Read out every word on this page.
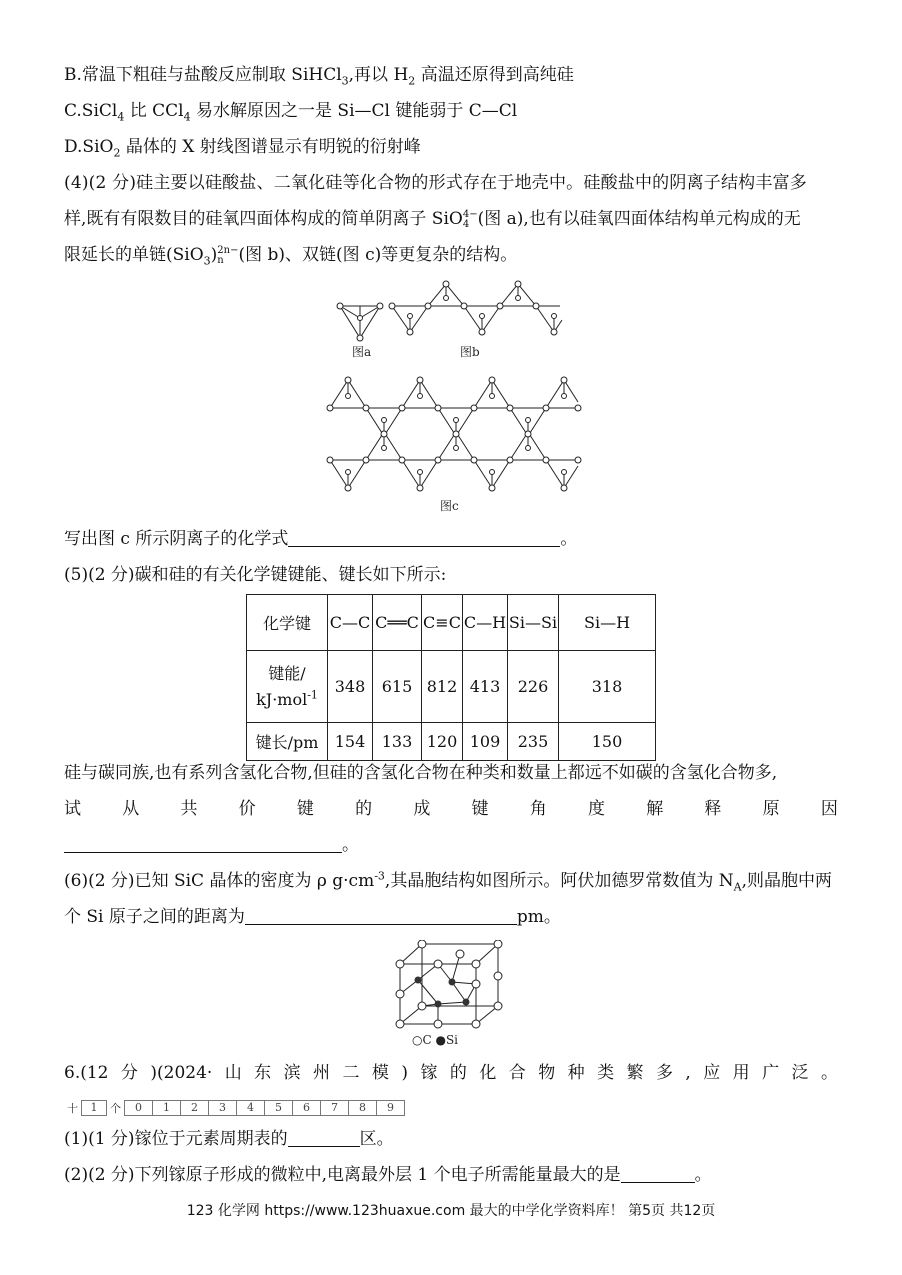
B.常温下粗硅与盐酸反应制取 SiHCl$_3$,再以 $H_2$ 高温还原得到高纯硅
C.SiCl$_4$ 比 CCl$_4$ 易水解原因之一是 Si—Cl 键能弱于 C—Cl
D.SiO$_2$ 晶体的 X 射线图谱显示有明锐的衍射峰
(4)(2 分)硅主要以硅酸盐、二氧化硅等化合物的形式存在于地壳中。硅酸盐中的阴离子结构丰富多
样,既有有限数目的硅氧四面体构成的简单阴离子 SiO4−
4 (图 a),也有以硅氧四面体结构单元构成的无
限延长的单链(SiO$_3$)2n−
n (图 b)、双链(图 c)等更复杂的结构。
图a	图b
图c
写出图 c 所示阴离子的化学式	。
(5)(2 分)碳和硅的有关化学键键能、键长如下所示:
化学键	C—C	C══C	C≡C	C—H	Si—Si	Si—H
键能/
kJ·mol$^{-1}$	348	615	812	413	226	318
键长/pm	154	133	120	109	235	150
硅与碳同族,也有系列含氢化合物,但硅的含氢化合物在种类和数量上都远不如碳的含氢化合物多,
试 从 共 价 键 的 成 键 角 度 解 释 原 因
。
(6)(2 分)已知 SiC 晶体的密度为 ρ $g\cdot cm^{-3}$,其晶胞结构如图所示。阿伏加德罗常数值为 $N_A$,则晶胞中两
个 Si 原子之间的距离为	pm。
○C ●Si
6.(12 分 )(2024· 山 东 滨 州 二 模 ) 镓 的 化 合 物 种 类 繁 多 , 应 用 广 泛 。
十	1	个	0	1	2	3	4	5	6	7	8	9
(1)(1 分)镓位于元素周期表的	区。
(2)(2 分)下列镓原子形成的微粒中,电离最外层 1 个电子所需能量最大的是	。
123 化学网 https://www.123huaxue.com 最大的中学化学资料库！ 第5页 共12页
